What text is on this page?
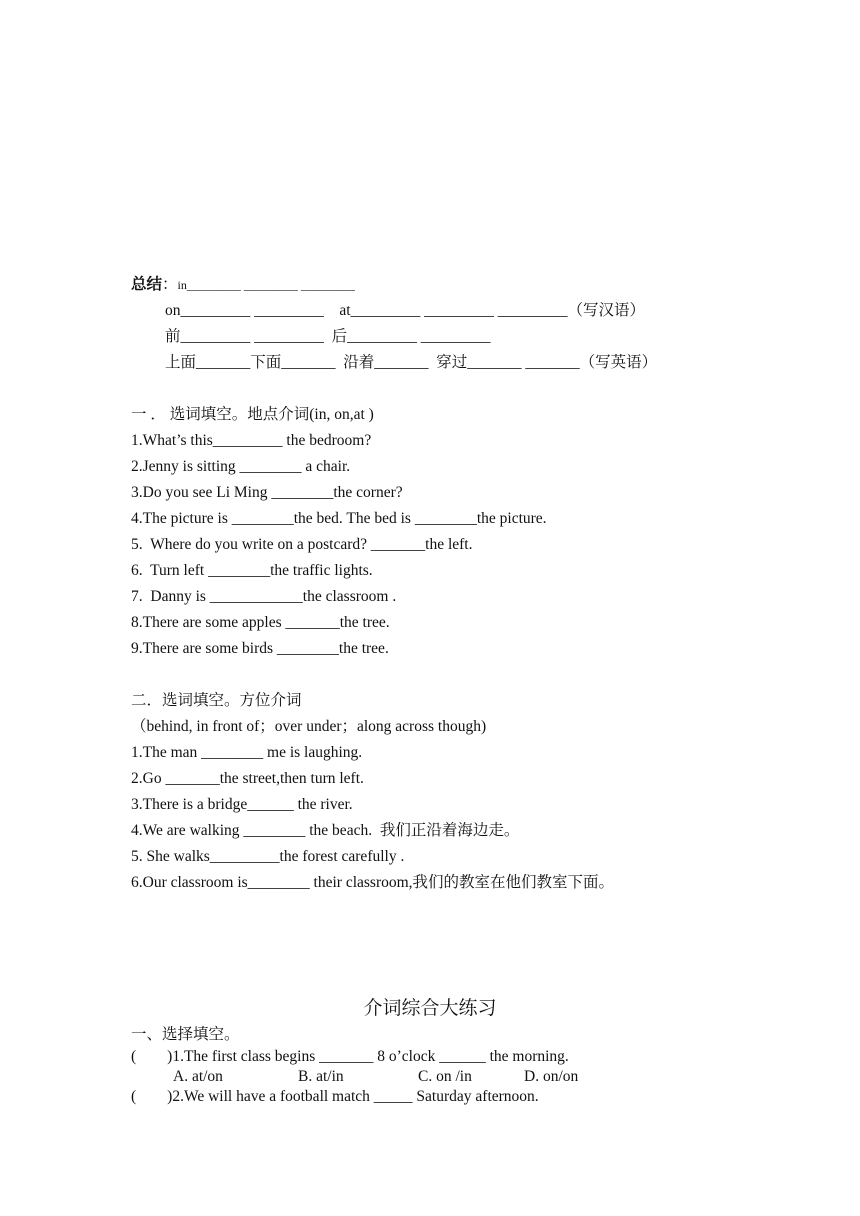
总结：in_________ _________ _________
on_________ _________    at_________ _________ _________（写汉语）
前_________ _________  后_________ _________
上面_______下面_______  沿着_______  穿过_______ _______（写英语）
一 ． 选词填空。地点介词(in, on,at )
1.What’s this_________ the bedroom?
2.Jenny is sitting ________ a chair.
3.Do you see Li Ming ________the corner?
4.The picture is ________the bed. The bed is ________the picture.
5.  Where do you write on a postcard? _______the left.
6.  Turn left ________the traffic lights.
7.  Danny is ____________the classroom .
8.There are some apples _______the tree.
9.There are some birds ________the tree.
二．选词填空。方位介词
（behind, in front of；over under；along across though)
1.The man ________ me is laughing.
2.Go _______the street,then turn left.
3.There is a bridge______ the river.
4.We are walking ________ the beach.  我们正沿着海边走。
5. She walks_________the forest carefully .
6.Our classroom is________ their classroom,我们的教室在他们教室下面。
介词综合大练习
一、选择填空。
(        )1.The first class begins _______ 8 o’clock ______ the morning.
A. at/on	B. at/in	C. on /in	D. on/on
(        )2.We will have a football match _____ Saturday afternoon.
